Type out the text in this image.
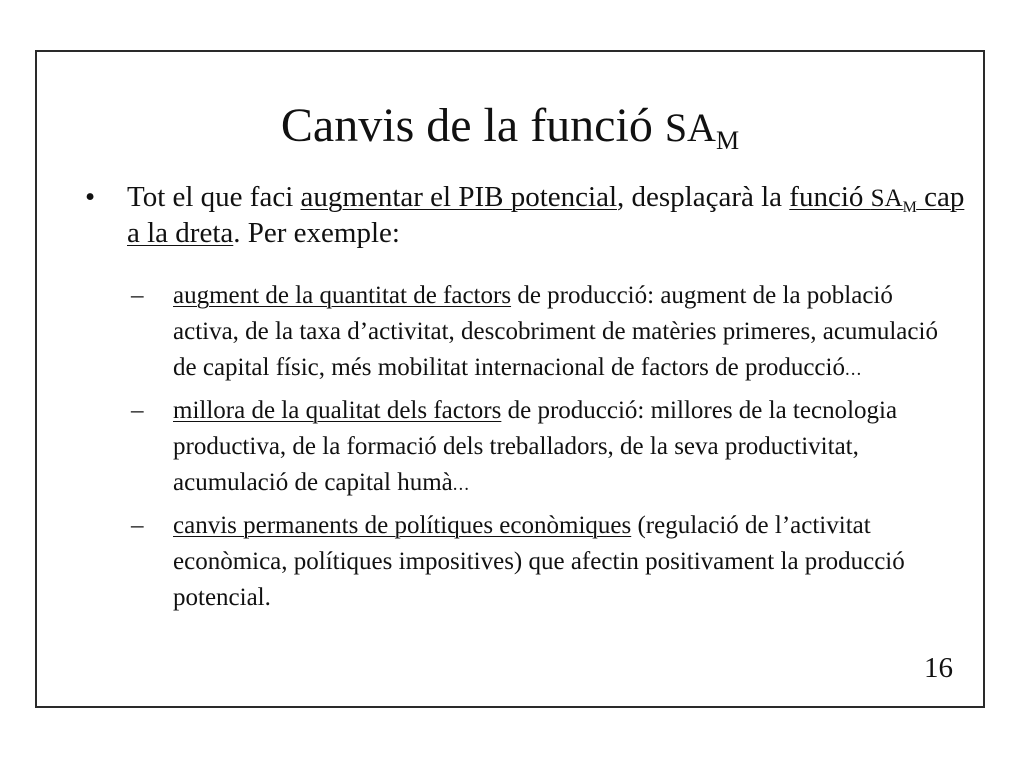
Canvis de la funció $SA_M$
• Tot el que faci augmentar el PIB potencial, desplaçarà la funció $SA_M$ cap a la dreta. Per exemple:
– augment de la quantitat de factors de producció: augment de la població activa, de la taxa d’activitat, descobriment de matèries primeres, acumulació de capital físic, més mobilitat internacional de factors de producció...
– millora de la qualitat dels factors de producció: millores de la tecnologia productiva, de la formació dels treballadors, de la seva productivitat, acumulació de capital humà...
– canvis permanents de polítiques econòmiques (regulació de l’activitat econòmica, polítiques impositives) que afectin positivament la producció potencial.
16
